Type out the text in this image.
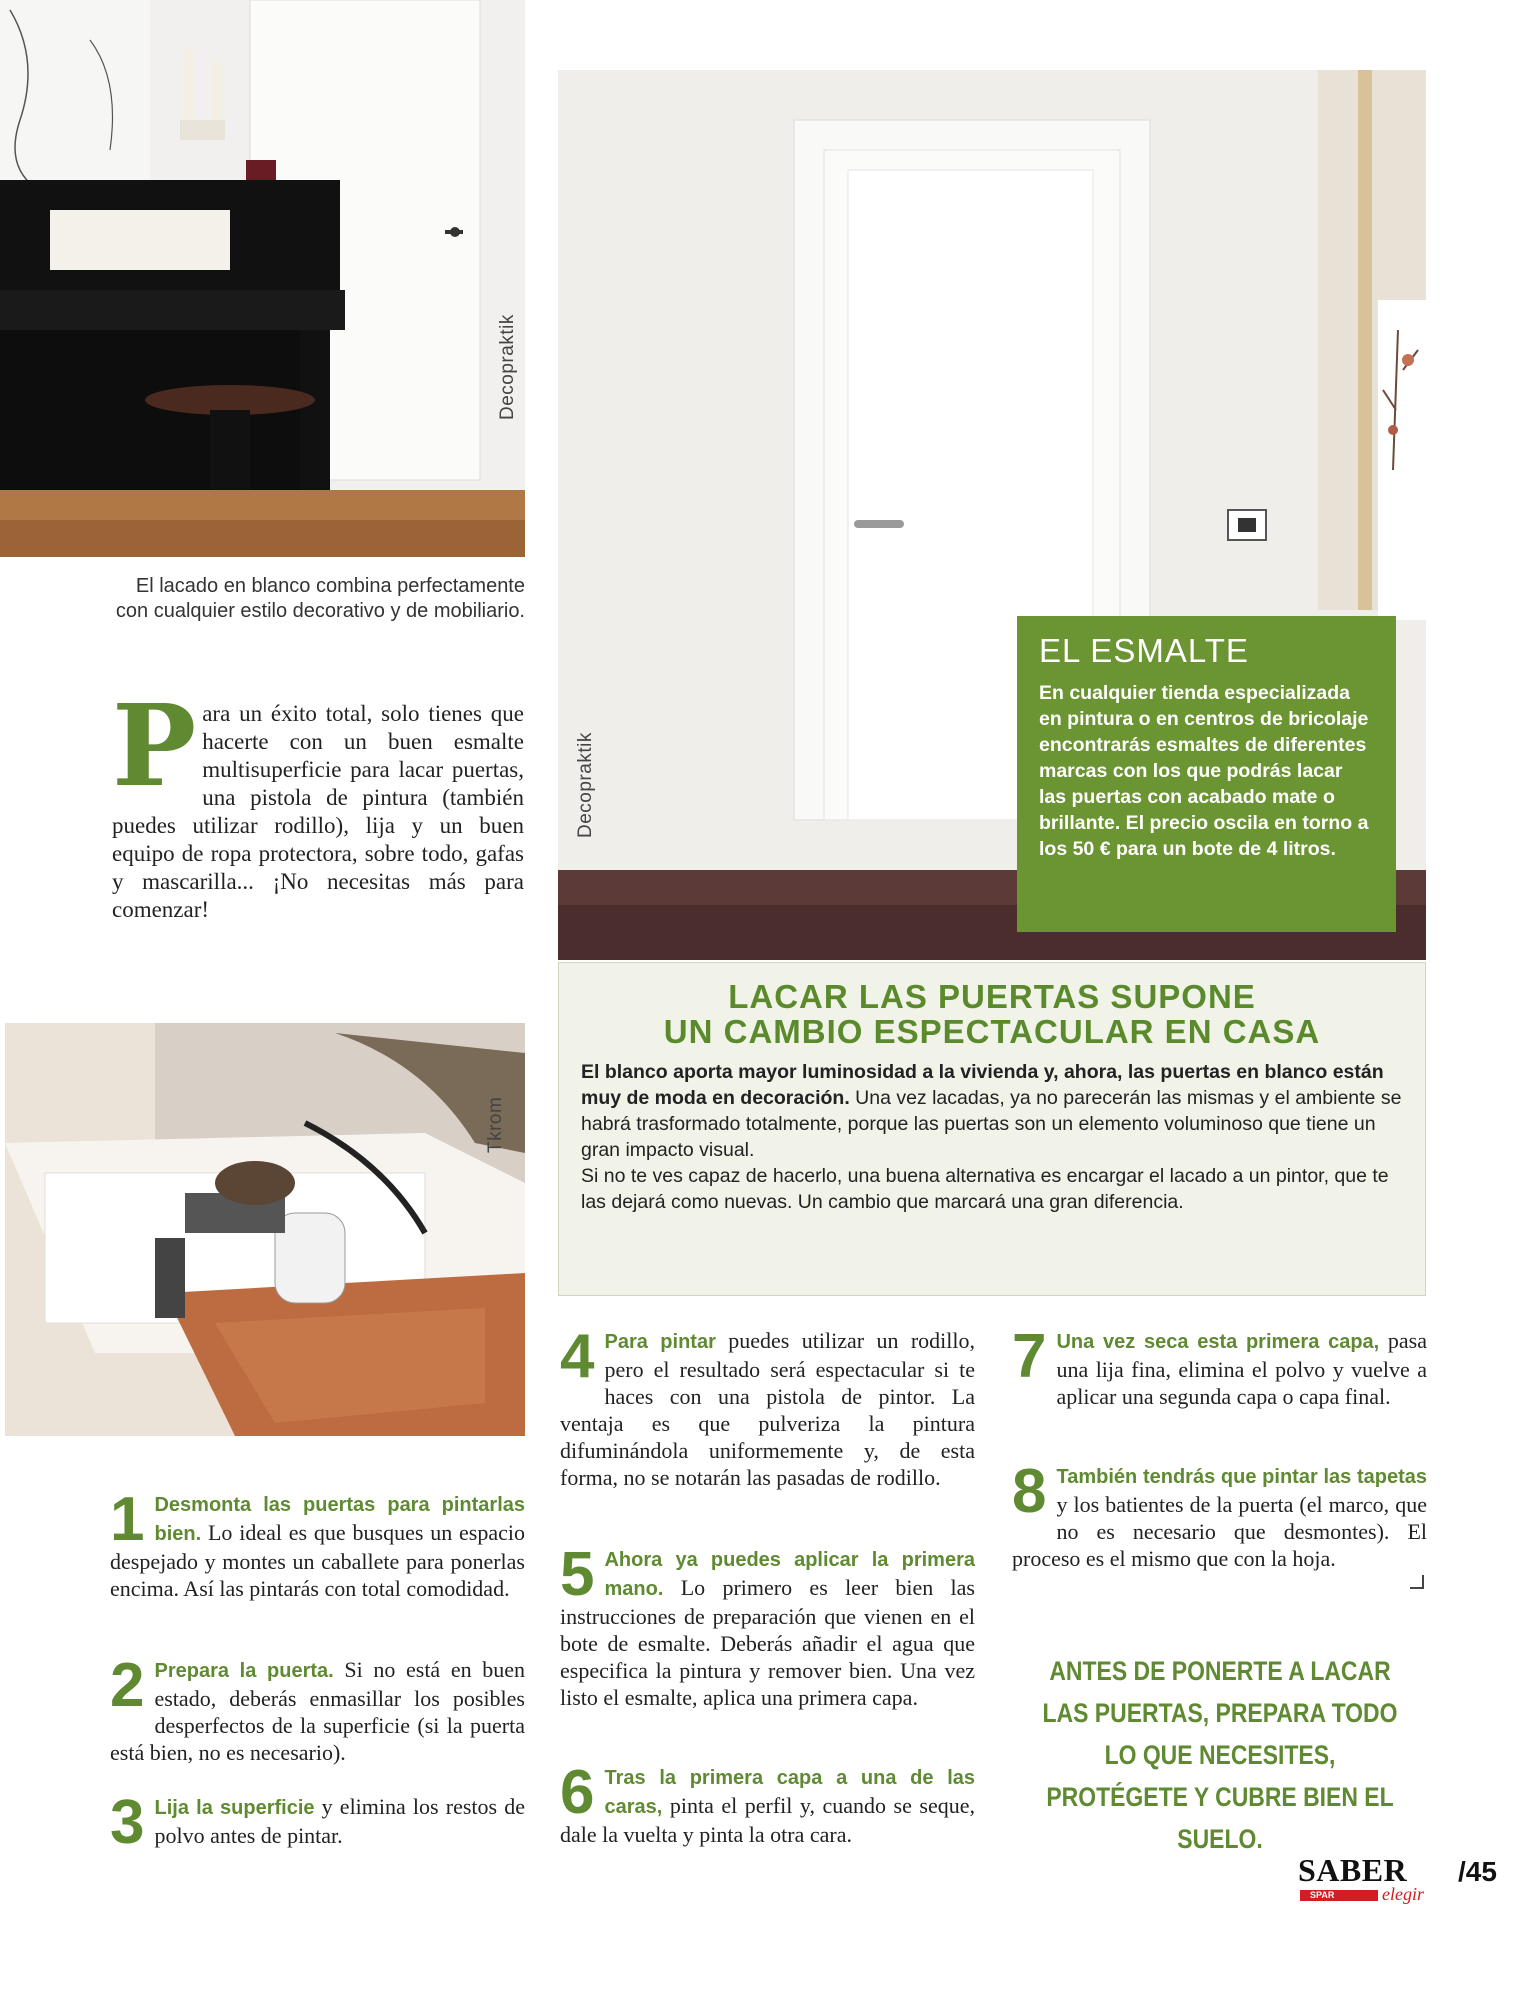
Decopraktik
El lacado en blanco combina perfectamente con cualquier estilo decorativo y de mobiliario.
P ara un éxito total, solo tienes que hacerte con un buen esmalte multisuperficie para lacar puertas, una pistola de pintura (también puedes utilizar rodillo), lija y un buen equipo de ropa protectora, sobre todo, gafas y mascarilla... ¡No necesitas más para comenzar!
Tkrom
Decopraktik
EL ESMALTE
En cualquier tienda especializada en pintura o en centros de bricolaje encontrarás esmaltes de diferentes marcas con los que podrás lacar las puertas con acabado mate o brillante. El precio oscila en torno a los 50 € para un bote de 4 litros.
LACAR LAS PUERTAS SUPONE
UN CAMBIO ESPECTACULAR EN CASA
El blanco aporta mayor luminosidad a la vivienda y, ahora, las puertas en blanco están muy de moda en decoración. Una vez lacadas, ya no parecerán las mismas y el ambiente se habrá trasformado totalmente, porque las puertas son un elemento voluminoso que tiene un gran impacto visual.
Si no te ves capaz de hacerlo, una buena alternativa es encargar el lacado a un pintor, que te las dejará como nuevas. Un cambio que marcará una gran diferencia.
1 Desmonta las puertas para pintarlas bien. Lo ideal es que busques un espacio despejado y montes un caballete para ponerlas encima. Así las pintarás con total comodidad.
2 Prepara la puerta. Si no está en buen estado, deberás enmasillar los posibles desperfectos de la superficie (si la puerta está bien, no es necesario).
3 Lija la superficie y elimina los restos de polvo antes de pintar.
4 Para pintar puedes utilizar un rodillo, pero el resultado será espectacular si te haces con una pistola de pintor. La ventaja es que pulveriza la pintura difuminándola uniformemente y, de esta forma, no se notarán las pasadas de rodillo.
5 Ahora ya puedes aplicar la primera mano. Lo primero es leer bien las instrucciones de preparación que vienen en el bote de esmalte. Deberás añadir el agua que especifica la pintura y remover bien. Una vez listo el esmalte, aplica una primera capa.
6 Tras la primera capa a una de las caras, pinta el perfil y, cuando se seque, dale la vuelta y pinta la otra cara.
7 Una vez seca esta primera capa, pasa una lija fina, elimina el polvo y vuelve a aplicar una segunda capa o capa final.
8 También tendrás que pintar las tapetas y los batientes de la puerta (el marco, que no es necesario que desmontes). El proceso es el mismo que con la hoja.
ANTES DE PONERTE A LACAR LAS PUERTAS, PREPARA TODO LO QUE NECESITES, PROTÉGETE Y CUBRE BIEN EL SUELO.
SABER
SPAR	elegir
/45
